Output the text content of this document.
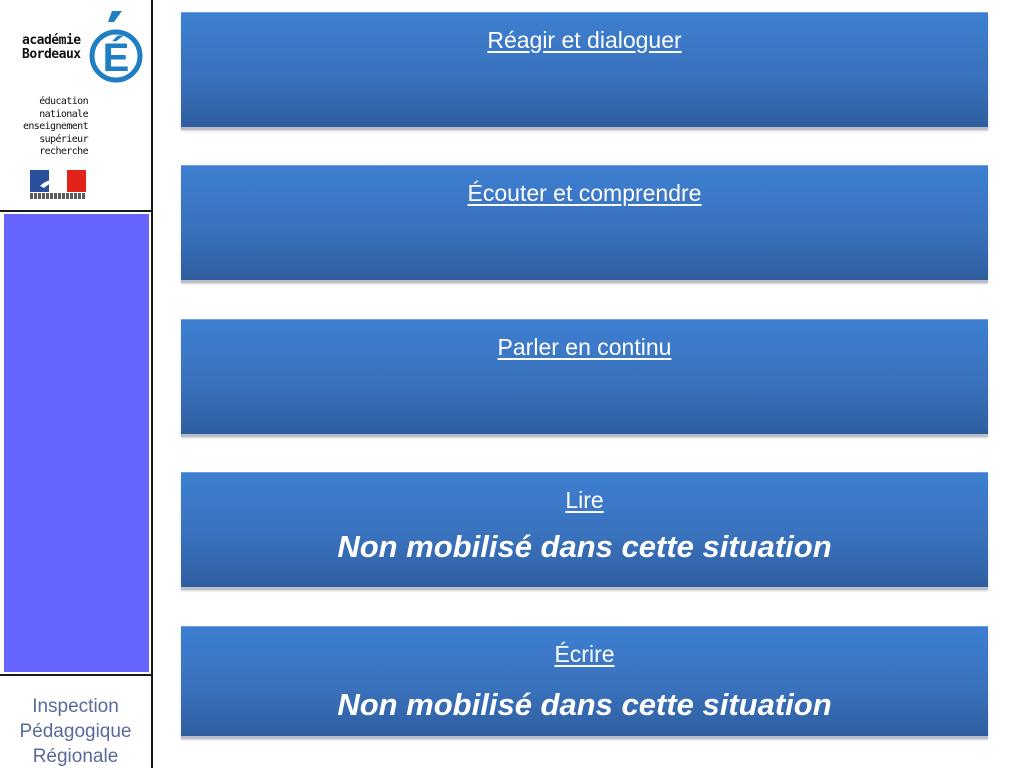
académie
Bordeaux É
éducation
nationale
enseignement
supérieur
recherche
Inspection
Pédagogique
Régionale
Réagir et dialoguer
Écouter et comprendre
Parler en continu
Lire
Non mobilisé dans cette situation
Écrire
Non mobilisé dans cette situation
